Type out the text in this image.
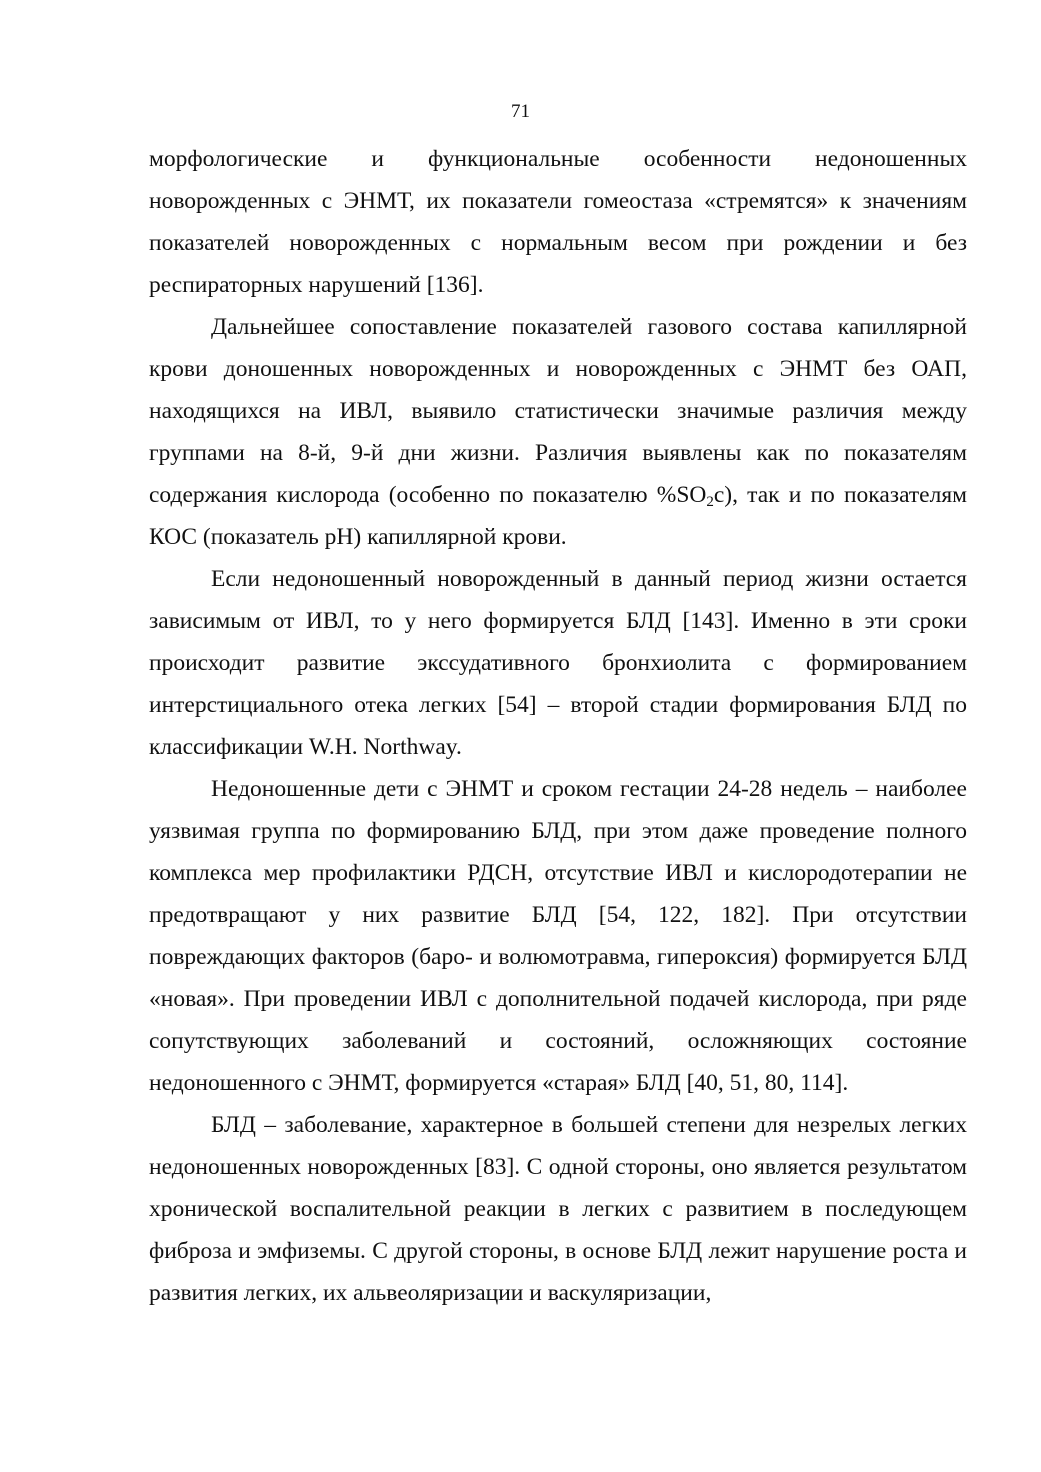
71

морфологические и функциональные особенности недоношенных новорожденных с ЭНМТ, их показатели гомеостаза «стремятся» к значениям показателей новорожденных с нормальным весом при рождении и без респираторных нарушений [136].

Дальнейшее сопоставление показателей газового состава капиллярной крови доношенных новорожденных и новорожденных с ЭНМТ без ОАП, находящихся на ИВЛ, выявило статистически значимые различия между группами на 8-й, 9-й дни жизни. Различия выявлены как по показателям содержания кислорода (особенно по показателю $\%SO_2с$), так и по показателям КОС (показатель рН) капиллярной крови.

Если недоношенный новорожденный в данный период жизни остается зависимым от ИВЛ, то у него формируется БЛД [143]. Именно в эти сроки происходит развитие экссудативного бронхиолита с формированием интерстициального отека легких [54] – второй стадии формирования БЛД по классификации W.H. Northway.

Недоношенные дети с ЭНМТ и сроком гестации 24-28 недель – наиболее уязвимая группа по формированию БЛД, при этом даже проведение полного комплекса мер профилактики РДСН, отсутствие ИВЛ и кислородотерапии не предотвращают у них развитие БЛД [54, 122, 182]. При отсутствии повреждающих факторов (баро- и волюмотравма, гипероксия) формируется БЛД «новая». При проведении ИВЛ с дополнительной подачей кислорода, при ряде сопутствующих заболеваний и состояний, осложняющих состояние недоношенного с ЭНМТ, формируется «старая» БЛД [40, 51, 80, 114].

БЛД – заболевание, характерное в большей степени для незрелых легких недоношенных новорожденных [83]. С одной стороны, оно является результатом хронической воспалительной реакции в легких с развитием в последующем фиброза и эмфиземы. С другой стороны, в основе БЛД лежит нарушение роста и развития легких, их альвеоляризации и васкуляризации,
